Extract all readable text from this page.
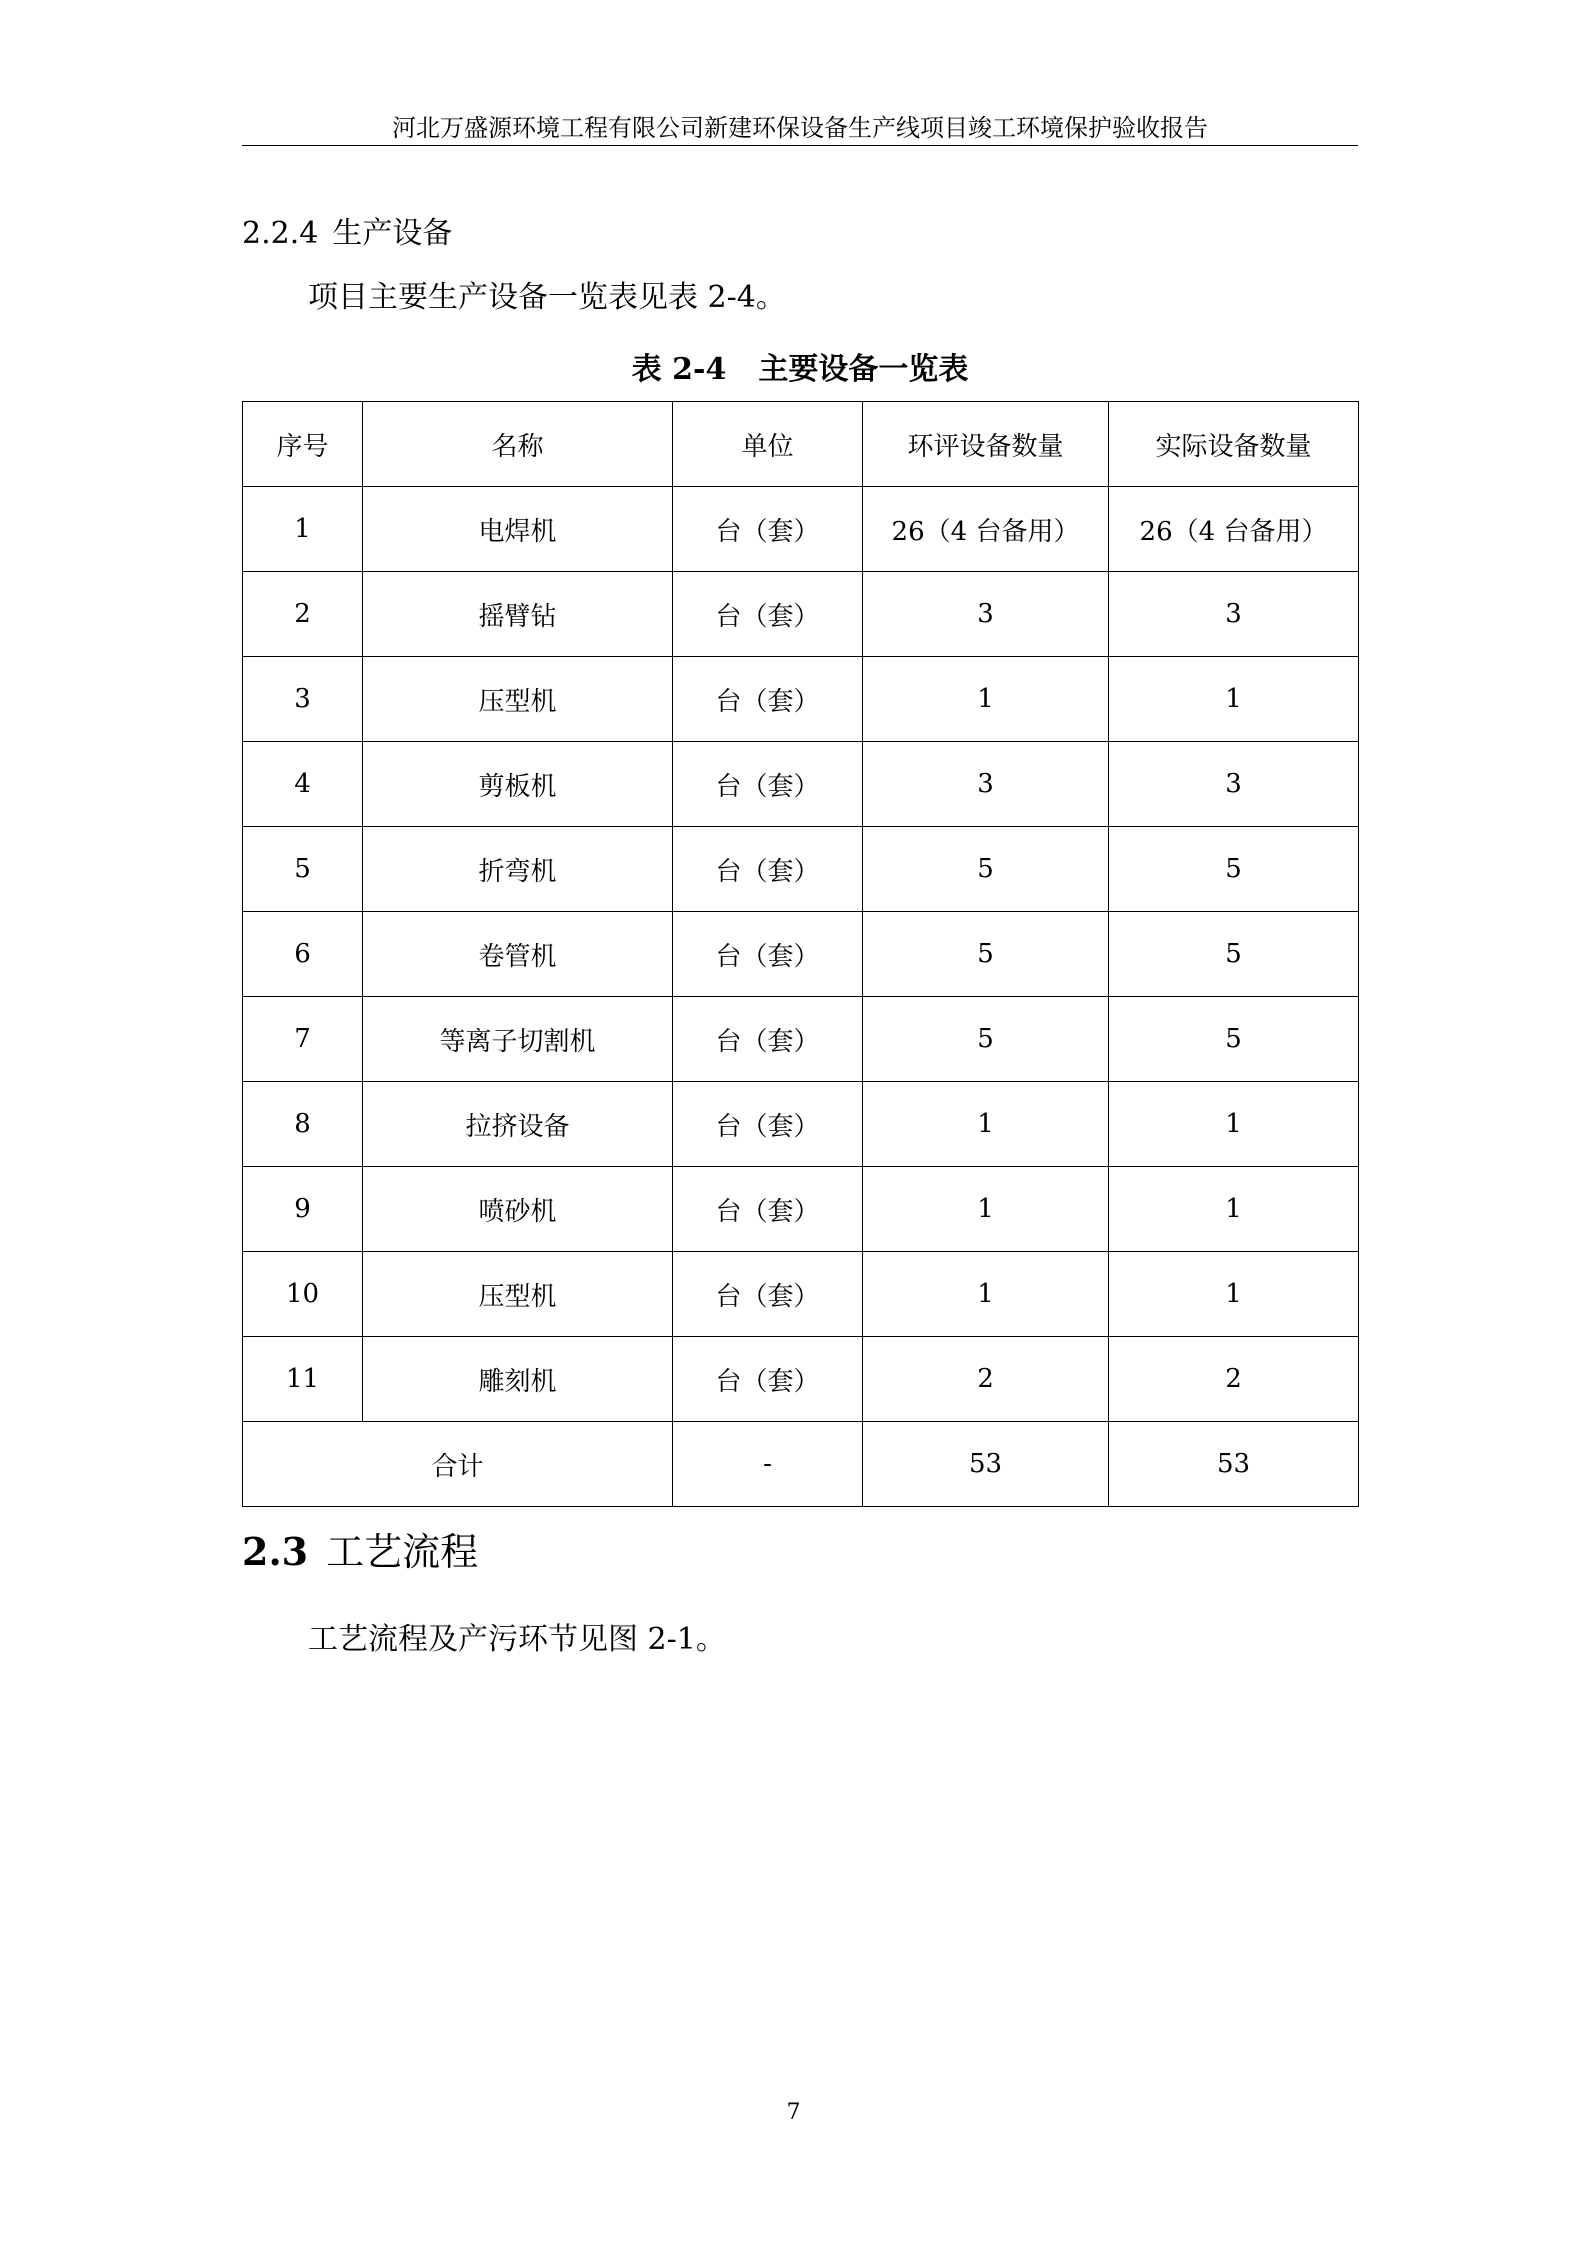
河北万盛源环境工程有限公司新建环保设备生产线项目竣工环境保护验收报告
2.2.4 生产设备
项目主要生产设备一览表见表 2-4。
表 2-4 主要设备一览表
序号	名称	单位	环评设备数量	实际设备数量
1	电焊机	台（套）	26（4 台备用）	26（4 台备用）
2	摇臂钻	台（套）	3	3
3	压型机	台（套）	1	1
4	剪板机	台（套）	3	3
5	折弯机	台（套）	5	5
6	卷管机	台（套）	5	5
7	等离子切割机	台（套）	5	5
8	拉挤设备	台（套）	1	1
9	喷砂机	台（套）	1	1
10	压型机	台（套）	1	1
11	雕刻机	台（套）	2	2
合计		-	53	53
2.3 工艺流程
工艺流程及产污环节见图 2-1。
7
